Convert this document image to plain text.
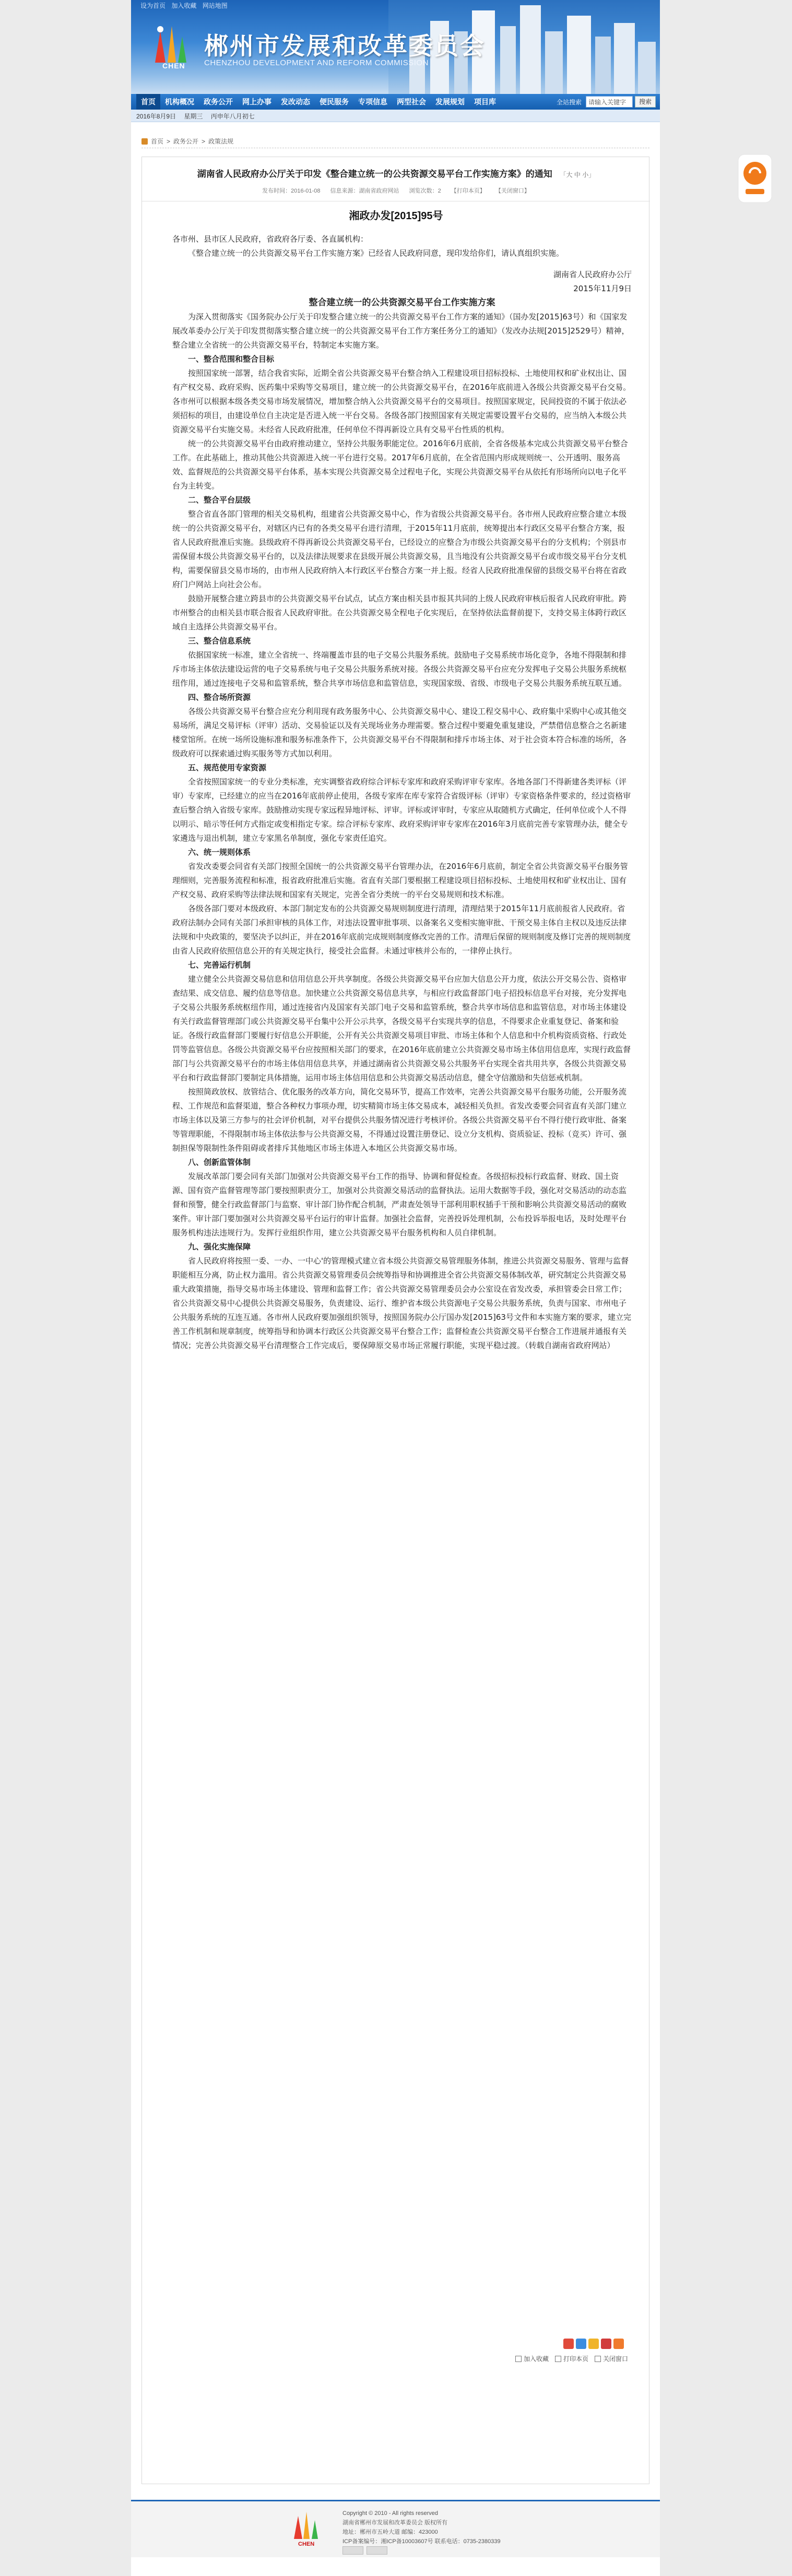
设为首页 加入收藏 网站地图
CHEN
郴州市发展和改革委员会
CHENZHOU DEVELOPMENT AND REFORM COMMISSION
首页	机构概况	政务公开	网上办事	发改动态	便民服务	专项信息	两型社会	发展规划	项目库	全站搜索	请输入关键字	搜索
2016年8月9日 星期三 丙申年八月初七
首页 > 政务公开 > 政策法规
湖南省人民政府办公厅关于印发《整合建立统一的公共资源交易平台工作实施方案》的通知 「大 中 小」
发布时间：2016-01-08 信息来源：湖南省政府网站 浏览次数：2 【打印本页】 【关闭窗口】
湘政办发[2015]95号

各市州、县市区人民政府，省政府各厅委、各直属机构：

《整合建立统一的公共资源交易平台工作实施方案》已经省人民政府同意，现印发给你们，请认真组织实施。

湖南省人民政府办公厅

2015年11月9日

整合建立统一的公共资源交易平台工作实施方案

为深入贯彻落实《国务院办公厅关于印发整合建立统一的公共资源交易平台工作方案的通知》（国办发[2015]63号）和《国家发展改革委办公厅关于印发贯彻落实整合建立统一的公共资源交易平台工作方案任务分工的通知》（发改办法规[2015]2529号）精神，整合建立全省统一的公共资源交易平台，特制定本实施方案。

一、整合范围和整合目标

按照国家统一部署，结合我省实际，近期全省公共资源交易平台整合纳入工程建设项目招标投标、土地使用权和矿业权出让、国有产权交易、政府采购、医药集中采购等交易项目，建立统一的公共资源交易平台，在2016年底前进入各级公共资源交易平台交易。各市州可以根据本级各类交易市场发展情况，增加整合纳入公共资源交易平台的交易项目。按照国家规定，民间投资的不属于依法必须招标的项目，由建设单位自主决定是否进入统一平台交易。各级各部门按照国家有关规定需要设置平台交易的，应当纳入本级公共资源交易平台实施交易。未经省人民政府批准，任何单位不得再新设立具有交易平台性质的机构。

统一的公共资源交易平台由政府推动建立，坚持公共服务职能定位。2016年6月底前，全省各级基本完成公共资源交易平台整合工作。在此基础上，推动其他公共资源进入统一平台进行交易。2017年6月底前，在全省范围内形成规则统一、公开透明、服务高效、监督规范的公共资源交易平台体系，基本实现公共资源交易全过程电子化，实现公共资源交易平台从依托有形场所向以电子化平台为主转变。

二、整合平台层级

整合省直各部门管理的相关交易机构，组建省公共资源交易中心，作为省级公共资源交易平台。各市州人民政府应整合建立本级统一的公共资源交易平台，对辖区内已有的各类交易平台进行清理，于2015年11月底前，统筹提出本行政区交易平台整合方案，报省人民政府批准后实施。县级政府不得再新设公共资源交易平台，已经设立的应整合为市级公共资源交易平台的分支机构；个别县市需保留本级公共资源交易平台的，以及法律法规要求在县级开展公共资源交易，且当地没有公共资源交易平台或市级交易平台分支机构，需要保留县交易市场的，由市州人民政府纳入本行政区平台整合方案一并上报。经省人民政府批准保留的县级交易平台将在省政府门户网站上向社会公布。

鼓励开展整合建立跨县市的公共资源交易平台试点，试点方案由相关县市报其共同的上级人民政府审核后报省人民政府审批。跨市州整合的由相关县市联合报省人民政府审批。在公共资源交易全程电子化实现后，在坚持依法监督前提下，支持交易主体跨行政区域自主选择公共资源交易平台。

三、整合信息系统

依据国家统一标准，建立全省统一、终端覆盖市县的电子交易公共服务系统。鼓励电子交易系统市场化竞争，各地不得限制和排斥市场主体依法建设运营的电子交易系统与电子交易公共服务系统对接。各级公共资源交易平台应充分发挥电子交易公共服务系统枢纽作用，通过连接电子交易和监管系统，整合共享市场信息和监管信息，实现国家级、省级、市级电子交易公共服务系统互联互通。

四、整合场所资源

各级公共资源交易平台整合应充分利用现有政务服务中心、公共资源交易中心、建设工程交易中心、政府集中采购中心或其他交易场所，满足交易评标（评审）活动、交易验证以及有关现场业务办理需要。整合过程中要避免重复建设，严禁借信息整合之名新建楼堂馆所。在统一场所设施标准和服务标准条件下，公共资源交易平台不得限制和排斥市场主体、对于社会资本符合标准的场所，各级政府可以探索通过购买服务等方式加以利用。

五、规范使用专家资源

全省按照国家统一的专业分类标准，充实调整省政府综合评标专家库和政府采购评审专家库。各地各部门不得新建各类评标（评审）专家库，已经建立的应当在2016年底前停止使用，各级专家库在库专家符合省级评标（评审）专家资格条件要求的，经过资格审查后整合纳入省级专家库。鼓励推动实现专家远程异地评标、评审。评标或评审时，专家应从取随机方式确定，任何单位或个人不得以明示、暗示等任何方式指定或变相指定专家。综合评标专家库、政府采购评审专家库在2016年3月底前完善专家管理办法，健全专家遴选与退出机制，建立专家黑名单制度，强化专家责任追究。

六、统一规则体系

省发改委要会同省有关部门按照全国统一的公共资源交易平台管理办法，在2016年6月底前，制定全省公共资源交易平台服务管理细则，完善服务流程和标准，报省政府批准后实施。省直有关部门要根据工程建设项目招标投标、土地使用权和矿业权出让、国有产权交易、政府采购等法律法规和国家有关规定，完善全省分类统一的平台交易规则和技术标准。

各级各部门要对本级政府、本部门制定发布的公共资源交易规则制度进行清理，清理结果于2015年11月底前报省人民政府。省政府法制办会同有关部门承担审核的具体工作，对违法设置审批事项、以备案名义变相实施审批、干预交易主体自主权以及违反法律法规和中央政策的，要坚决予以纠正，并在2016年底前完成规则制度修改完善的工作。清理后保留的规则制度及修订完善的规则制度由省人民政府依照信息公开的有关规定执行，接受社会监督。未通过审核并公布的，一律停止执行。

七、完善运行机制

建立健全公共资源交易信息和信用信息公开共享制度。各级公共资源交易平台应加大信息公开力度，依法公开交易公告、资格审查结果、成交信息、履约信息等信息。加快建立公共资源交易信息共享，与相应行政监督部门电子招投标信息平台对接，充分发挥电子交易公共服务系统枢纽作用，通过连接省内及国家有关部门电子交易和监管系统，整合共享市场信息和监管信息，对市场主体建设有关行政监督管理部门或公共资源交易平台集中公开公示共享，各级交易平台实现共享的信息，不得要求企业重复登记、备案和验证。各级行政监督部门要履行好信息公开职能，公开有关公共资源交易项目审批、市场主体和个人信息和中介机构资质资格、行政处罚等监管信息。各级公共资源交易平台应按照相关部门的要求，在2016年底前建立公共资源交易市场主体信用信息库，实现行政监督部门与公共资源交易平台的市场主体信用信息共享，并通过湖南省公共资源交易公共服务平台实现全省共用共享，各级公共资源交易平台和行政监督部门要制定具体措施，运用市场主体信用信息和公共资源交易活动信息，健全守信激励和失信惩戒机制。

按照简政放权、放管结合、优化服务的改革方向，简化交易环节，提高工作效率，完善公共资源交易平台服务功能，公开服务流程、工作规范和监督渠道，整合各种权力事项办理，切实精简市场主体交易成本，减轻相关负担。省发改委要会同省直有关部门建立市场主体以及第三方参与的社会评价机制，对平台提供公共服务情况进行考核评价。各级公共资源交易平台不得行使行政审批、备案等管理职能，不得限制市场主体依法参与公共资源交易，不得通过设置注册登记、设立分支机构、资质验证、投标（竞买）许可、强制担保等限制性条件阻碍或者排斥其他地区市场主体进入本地区公共资源交易市场。

八、创新监管体制

发展改革部门要会同有关部门加强对公共资源交易平台工作的指导、协调和督促检查。各级招标投标行政监督、财政、国土资源、国有资产监督管理等部门要按照职责分工，加强对公共资源交易活动的监督执法。运用大数据等手段，强化对交易活动的动态监督和预警，健全行政监督部门与监察、审计部门协作配合机制，严肃查处领导干部利用职权插手干预和影响公共资源交易活动的腐败案件。审计部门要加强对公共资源交易平台运行的审计监督。加强社会监督，完善投诉处理机制，公布投诉举报电话，及时处理平台服务机构违法违规行为。发挥行业组织作用，建立公共资源交易平台服务机构和人员自律机制。

九、强化实施保障

省人民政府将按照一委、一办、一中心'的管理模式建立省本级公共资源交易管理服务体制，推进公共资源交易服务、管理与监督职能相互分离，防止权力滥用。省公共资源交易管理委员会统筹指导和协调推进全省公共资源交易体制改革，研究制定公共资源交易重大政策措施，指导交易市场主体建设、管理和监督工作；省公共资源交易管理委员会办公室设在省发改委，承担管委会日常工作；省公共资源交易中心提供公共资源交易服务，负责建设、运行、维护省本级公共资源电子交易公共服务系统，负责与国家、市州电子公共服务系统的互连互通。各市州人民政府要加强组织领导，按照国务院办公厅国办发[2015]63号文件和本实施方案的要求，建立完善工作机制和规章制度，统筹指导和协调本行政区公共资源交易平台整合工作；监督检查公共资源交易平台整合工作进展并通报有关情况；完善公共资源交易平台清理整合工作完成后，要保障原交易市场正常履行职能，实现平稳过渡。（转载自湖南省政府网站）

加入收藏 打印本页 关闭窗口
CHEN
Copyright © 2010 - All rights reserved
湖南省郴州市发展和改革委员会 版权所有
地址：郴州市五岭大道 邮编：423000
ICP备案编号：湘ICP备10003607号 联系电话：0735-2380339
